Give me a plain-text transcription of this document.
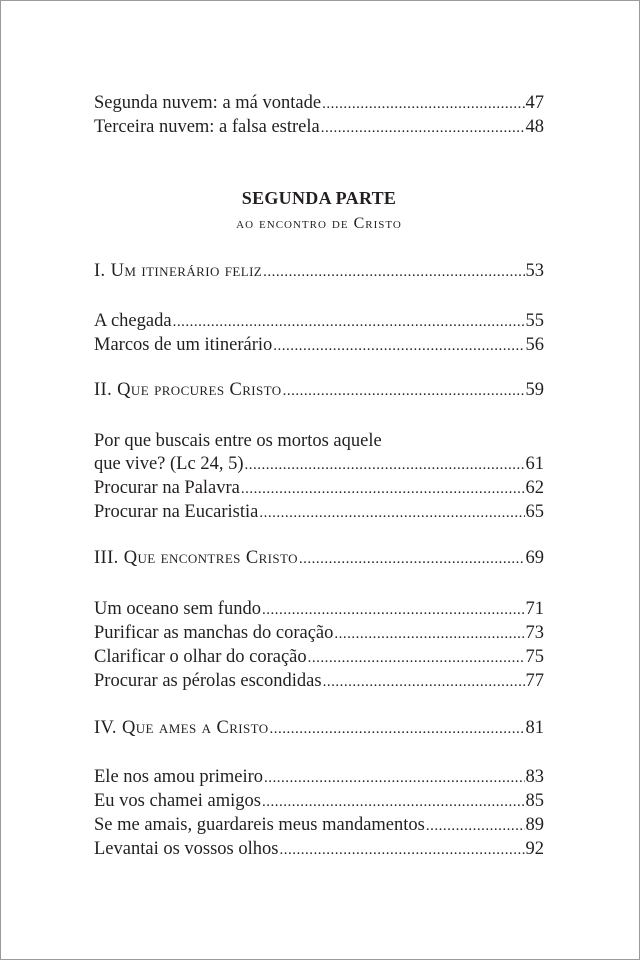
Segunda nuvem: a má vontade .....	47
Terceira nuvem: a falsa estrela .....	48
SEGUNDA PARTE
ao encontro de Cristo
I. Um itinerário feliz .....	53
A chegada .....	55
Marcos de um itinerário .....	56
II. Que procures Cristo .....	59
Por que buscais entre os mortos aquele
que vive? (Lc 24, 5) .....	61
Procurar na Palavra .....	62
Procurar na Eucaristia .....	65
III. Que encontres Cristo .....	69
Um oceano sem fundo .....	71
Purificar as manchas do coração .....	73
Clarificar o olhar do coração .....	75
Procurar as pérolas escondidas .....	77
IV. Que ames a Cristo .....	81
Ele nos amou primeiro .....	83
Eu vos chamei amigos .....	85
Se me amais, guardareis meus mandamentos .....	89
Levantai os vossos olhos .....	92
